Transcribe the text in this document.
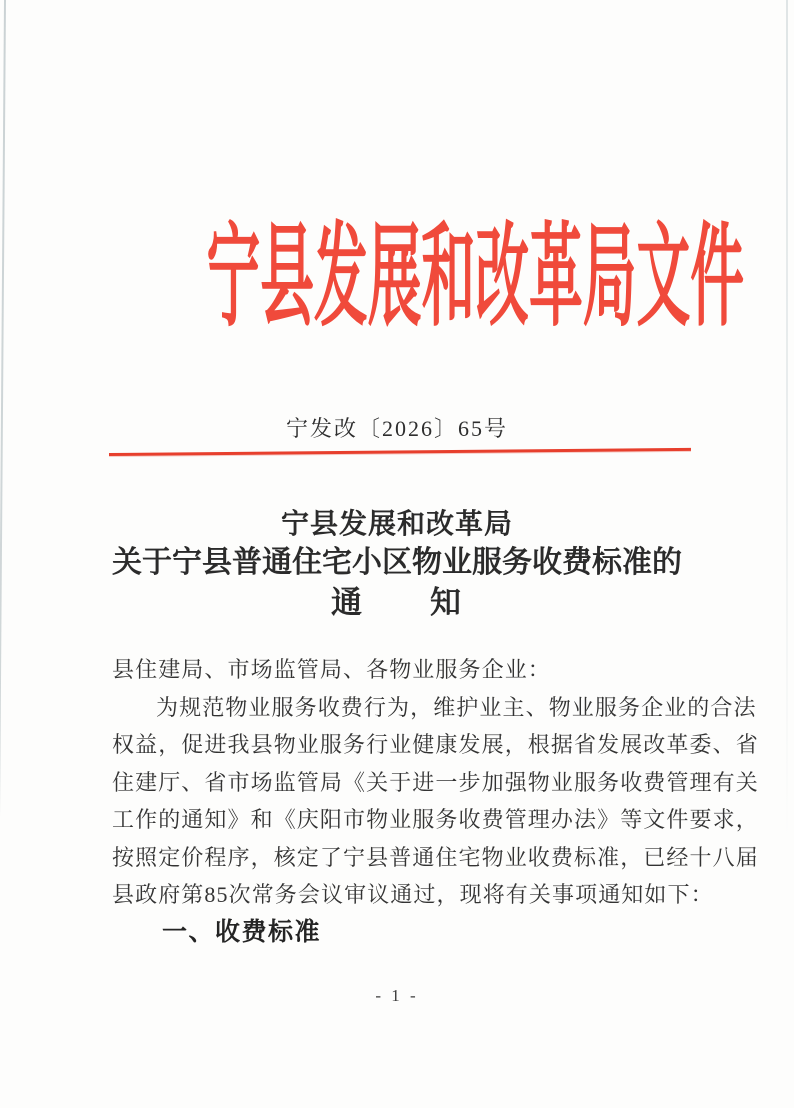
宁县发展和改革局文件
宁发改〔2026〕65号
宁县发展和改革局
关于宁县普通住宅小区物业服务收费标准的
通　　知
县住建局、市场监管局、各物业服务企业：
为规范物业服务收费行为，维护业主、物业服务企业的合法
权益，促进我县物业服务行业健康发展，根据省发展改革委、省
住建厅、省市场监管局《关于进一步加强物业服务收费管理有关
工作的通知》和《庆阳市物业服务收费管理办法》等文件要求，
按照定价程序，核定了宁县普通住宅物业收费标准，已经十八届
县政府第85次常务会议审议通过，现将有关事项通知如下：
一、收费标准
- 1 -
